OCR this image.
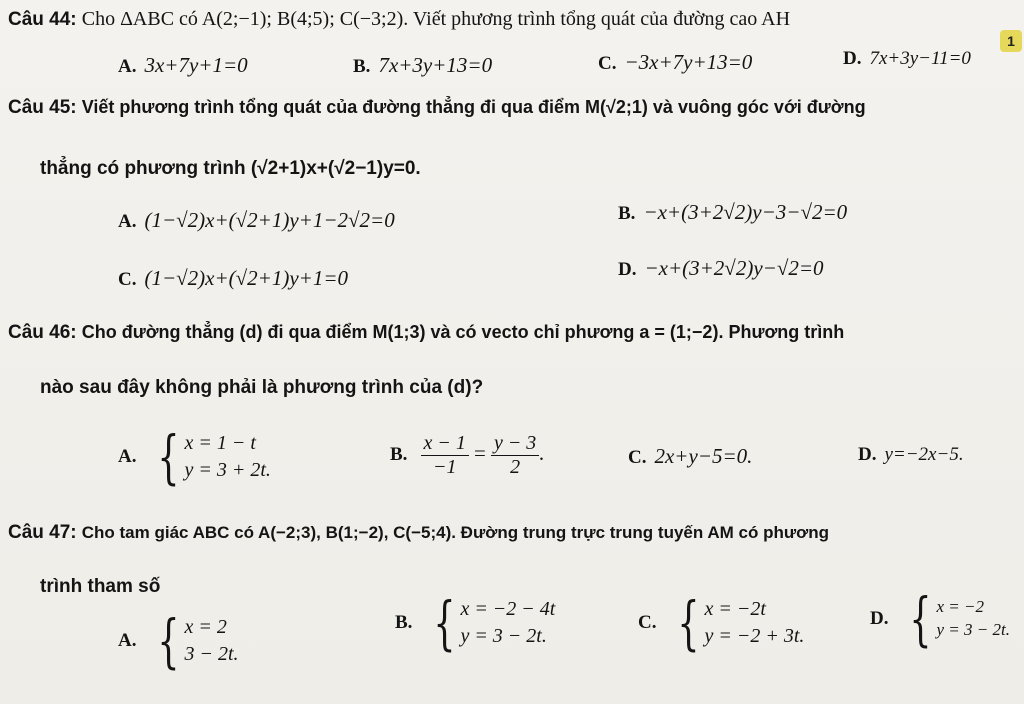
1
Câu 44: Cho ΔABC có A(2;−1); B(4;5); C(−3;2). Viết phương trình tổng quát của đường cao AH
A. 3x+7y+1=0	B. 7x+3y+13=0	C. −3x+7y+13=0	D. 7x+3y−11=0
Câu 45: Viết phương trình tổng quát của đường thẳng đi qua điểm M(√2;1) và vuông góc với đường
thẳng có phương trình (√2+1)x+(√2−1)y=0.
A. (1−√2)x+(√2+1)y+1−2√2=0	B. −x+(3+2√2)y−3−√2=0
C. (1−√2)x+(√2+1)y+1=0	D. −x+(3+2√2)y−√2=0
Câu 46: Cho đường thẳng (d) đi qua điểm M(1;3) và có vecto chỉ phương a = (1;−2). Phương trình
nào sau đây không phải là phương trình của (d)?
A. { x = 1 − t
y = 3 + 2t.
B. $\frac{x - 1}{-1} = \frac{y - 3}{2}$ .	C. 2x+y−5=0.	D. y=−2x−5.
Câu 47: Cho tam giác ABC có A(−2;3), B(1;−2), C(−5;4). Đường trung trực trung tuyến AM có phương
trình tham số
A. { x = 2
3 − 2t.
B. { x = −2 − 4t
y = 3 − 2t.
C. { x = −2t
y = −2 + 3t.
D. { x = −2
y = 3 − 2t.
